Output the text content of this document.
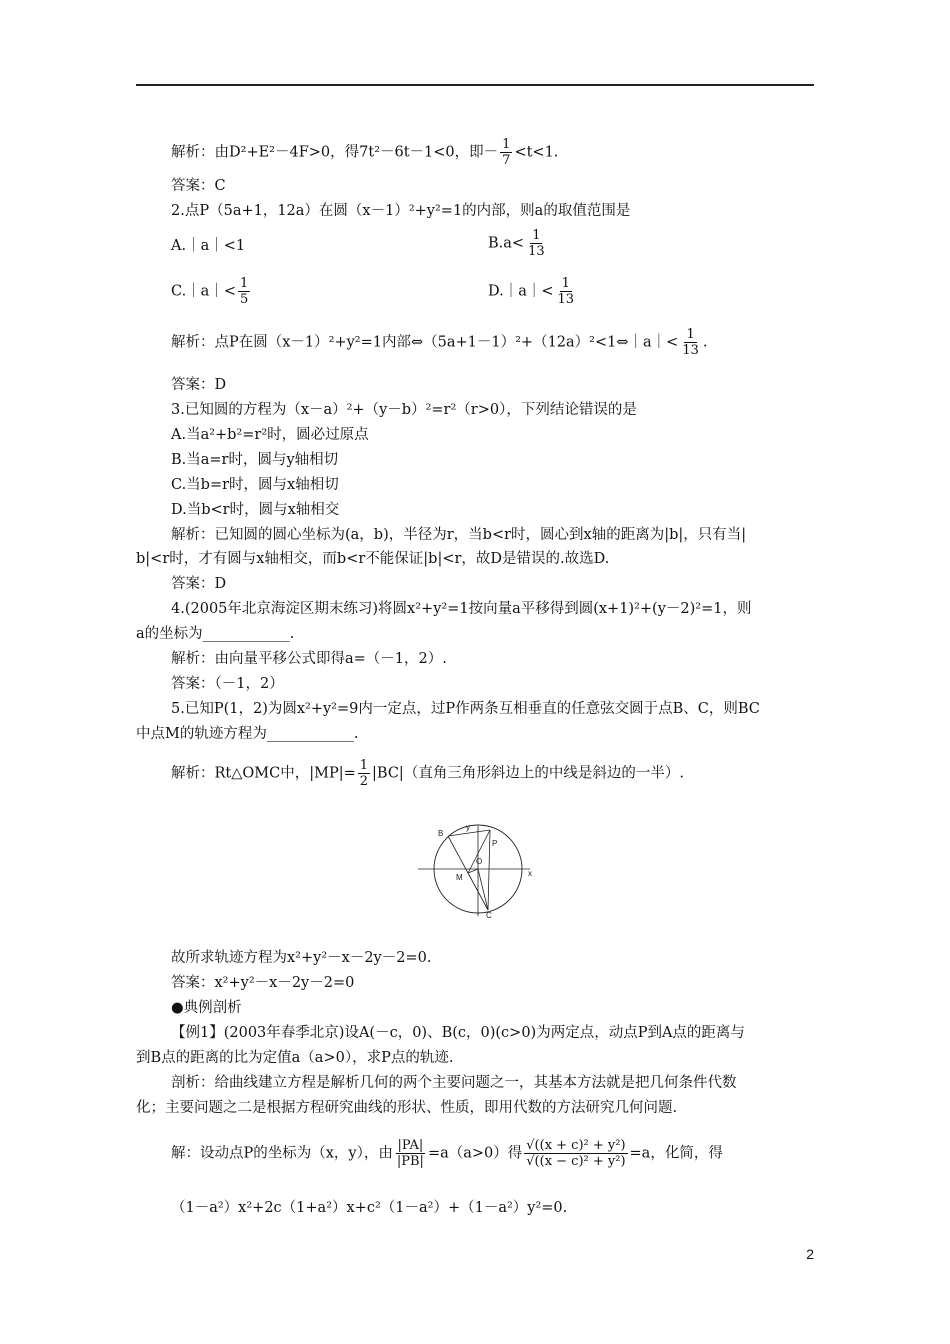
解析：由D²+E²－4F>0，得7t²－6t－1<0，即－ $\frac{1}{7} <t<1$.
答案：C
2.点P（5a+1，12a）在圆（x－1）²+y²=1的内部，则a的取值范围是
A.｜a｜<1	$B.a< \frac{1}{13}$
C.｜a｜< $\frac{1}{5}$	D.｜a｜< $\frac{1}{13}$
解析：点P在圆（x－1）²+y²=1内部⇔（5a+1－1）²+（12a）²<1⇔｜a｜< $\frac{1}{13}$ .
答案：D
3.已知圆的方程为（x－a）²+（y－b）²=r²（r>0），下列结论错误的是
A.当a²+b²=r²时，圆必过原点
B.当a=r时，圆与y轴相切
C.当b=r时，圆与x轴相切
D.当b<r时，圆与x轴相交
解析：已知圆的圆心坐标为(a，b)，半径为r，当b<r时，圆心到x轴的距离为|b|，只有当|
b|<r时，才有圆与x轴相交，而b<r不能保证|b|<r，故D是错误的.故选D.
答案：D
4.(2005年北京海淀区期末练习)将圆x²+y²=1按向量a平移得到圆(x+1)²+(y－2)²=1，则
a的坐标为____________.
解析：由向量平移公式即得a=（－1，2）.
答案：（－1，2）
5.已知P(1，2)为圆x²+y²=9内一定点，过P作两条互相垂直的任意弦交圆于点B、C，则BC
中点M的轨迹方程为____________.
解析：Rt△OMC中，$|MP|= \frac{1}{2} |BC|$（直角三角形斜边上的中线是斜边的一半）.
y
x
B
P
O
M
C
故所求轨迹方程为x²+y²－x－2y－2=0.
答案：x²+y²－x－2y－2=0
●典例剖析
【例1】(2003年春季北京)设A(－c，0)、B(c，0)(c>0)为两定点，动点P到A点的距离与
到B点的距离的比为定值a（a>0），求P点的轨迹.
剖析：给曲线建立方程是解析几何的两个主要问题之一，其基本方法就是把几何条件代数
化；主要问题之二是根据方程研究曲线的形状、性质，即用代数的方法研究几何问题.
解：设动点P的坐标为（x，y），由 $\frac{|PA|}{|PB|} =a(a>0)$得 $\frac{\text{√((x + c)² + y²)}}{\text{√((x − c)² + y²)}} =a$，化简，得
（1－a²）x²+2c（1+a²）x+c²（1－a²）+（1－a²）y²=0.
2
